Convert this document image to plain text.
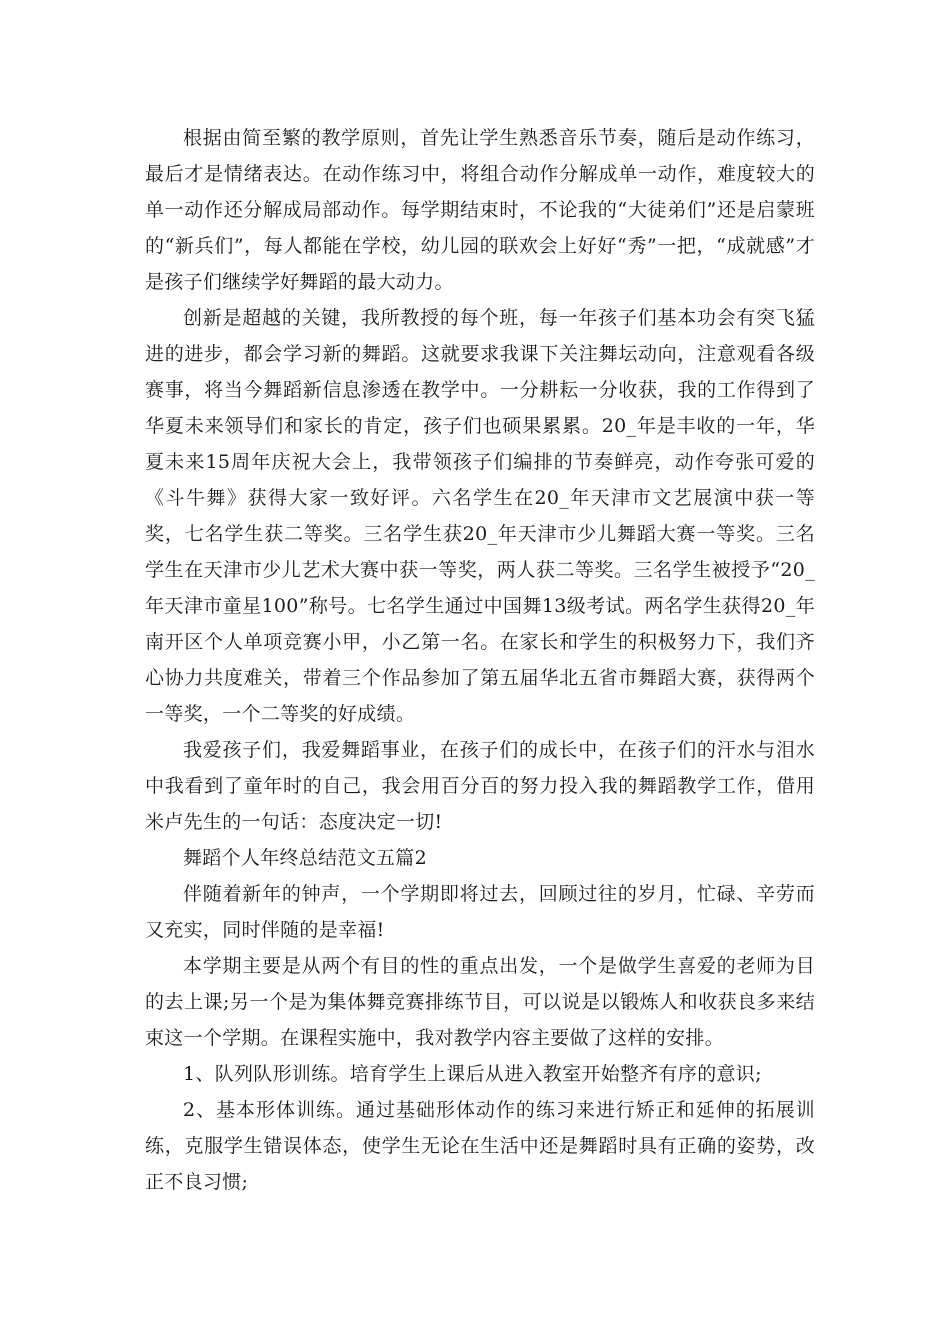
根据由简至繁的教学原则，首先让学生熟悉音乐节奏，随后是动作练习，最后才是情绪表达。在动作练习中，将组合动作分解成单一动作，难度较大的单一动作还分解成局部动作。每学期结束时，不论我的“大徒弟们”还是启蒙班的“新兵们”，每人都能在学校，幼儿园的联欢会上好好“秀”一把，“成就感”才是孩子们继续学好舞蹈的最大动力。

创新是超越的关键，我所教授的每个班，每一年孩子们基本功会有突飞猛进的进步，都会学习新的舞蹈。这就要求我课下关注舞坛动向，注意观看各级赛事，将当今舞蹈新信息渗透在教学中。一分耕耘一分收获，我的工作得到了华夏未来领导们和家长的肯定，孩子们也硕果累累。20_年是丰收的一年，华夏未来15周年庆祝大会上，我带领孩子们编排的节奏鲜亮，动作夸张可爱的《斗牛舞》获得大家一致好评。六名学生在20_年天津市文艺展演中获一等奖，七名学生获二等奖。三名学生获20_年天津市少儿舞蹈大赛一等奖。三名学生在天津市少儿艺术大赛中获一等奖，两人获二等奖。三名学生被授予“20_年天津市童星100”称号。七名学生通过中国舞13级考试。两名学生获得20_年南开区个人单项竞赛小甲，小乙第一名。在家长和学生的积极努力下，我们齐心协力共度难关，带着三个作品参加了第五届华北五省市舞蹈大赛，获得两个一等奖，一个二等奖的好成绩。

我爱孩子们，我爱舞蹈事业，在孩子们的成长中，在孩子们的汗水与泪水中我看到了童年时的自己，我会用百分百的努力投入我的舞蹈教学工作，借用米卢先生的一句话：态度决定一切!

舞蹈个人年终总结范文五篇2

伴随着新年的钟声，一个学期即将过去，回顾过往的岁月，忙碌、辛劳而又充实，同时伴随的是幸福!

本学期主要是从两个有目的性的重点出发，一个是做学生喜爱的老师为目的去上课;另一个是为集体舞竞赛排练节目，可以说是以锻炼人和收获良多来结束这一个学期。在课程实施中，我对教学内容主要做了这样的安排。

1、队列队形训练。培育学生上课后从进入教室开始整齐有序的意识;

2、基本形体训练。通过基础形体动作的练习来进行矫正和延伸的拓展训练，克服学生错误体态，使学生无论在生活中还是舞蹈时具有正确的姿势，改正不良习惯;
